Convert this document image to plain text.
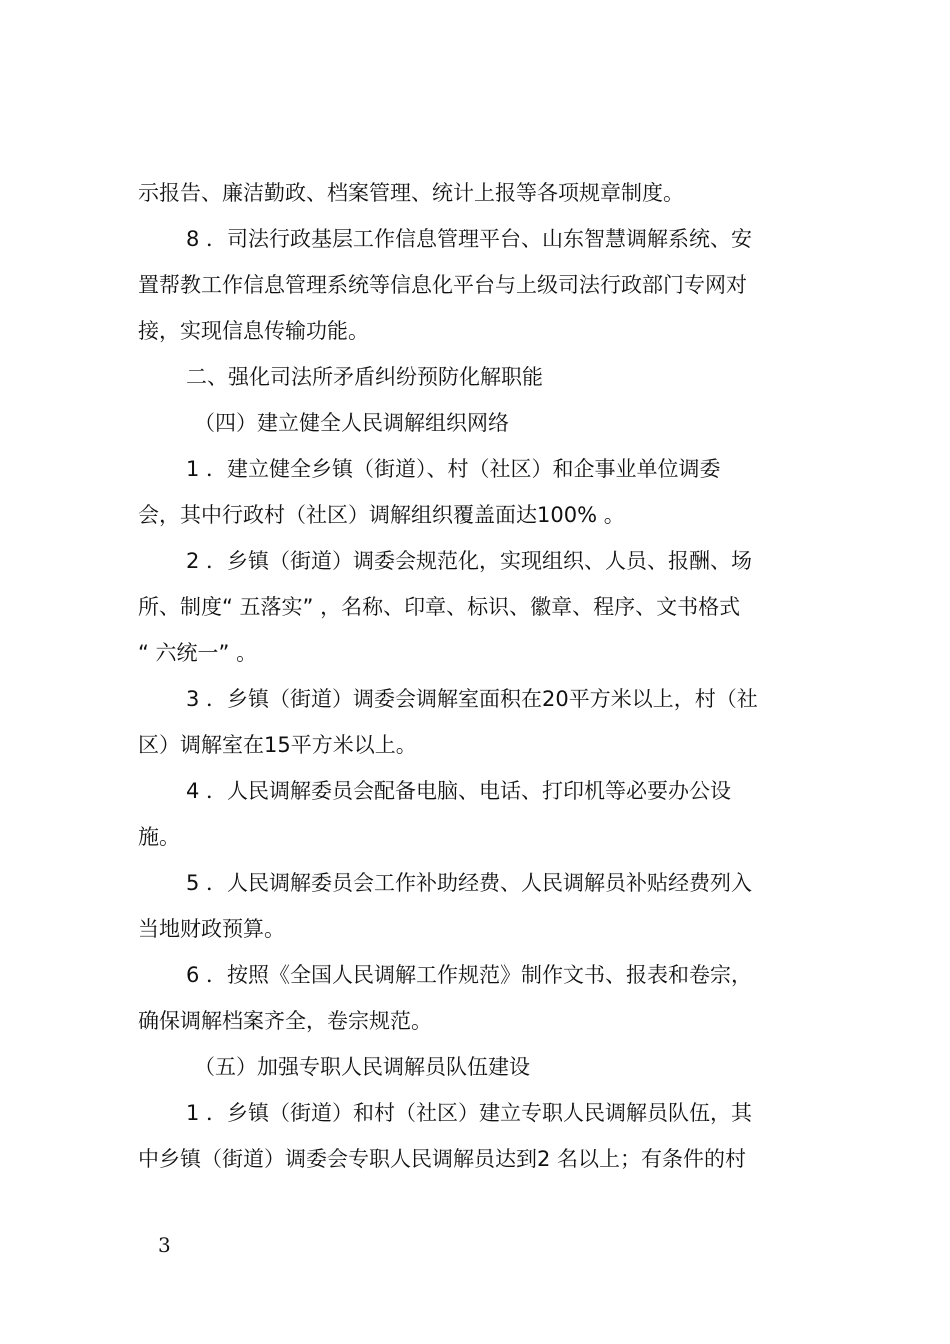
示报告、廉洁勤政、档案管理、统计上报等各项规章制度。
8 ．司法行政基层工作信息管理平台、山东智慧调解系统、安
置帮教工作信息管理系统等信息化平台与上级司法行政部门专网对
接，实现信息传输功能。
二、强化司法所矛盾纠纷预防化解职能
（四）建立健全人民调解组织网络
1 ．建立健全乡镇（街道）、村（社区）和企事业单位调委
会，其中行政村（社区）调解组织覆盖面达100% 。
2 ．乡镇（街道）调委会规范化，实现组织、人员、报酬、场
所、制度“ 五落实” ，名称、印章、标识、徽章、程序、文书格式
“ 六统一” 。
3 ．乡镇（街道）调委会调解室面积在20平方米以上，村（社
区）调解室在15平方米以上。
4 ．人民调解委员会配备电脑、电话、打印机等必要办公设
施。
5 ．人民调解委员会工作补助经费、人民调解员补贴经费列入
当地财政预算。
6 ．按照《全国人民调解工作规范》制作文书、报表和卷宗，
确保调解档案齐全，卷宗规范。
（五）加强专职人民调解员队伍建设
1 ．乡镇（街道）和村（社区）建立专职人民调解员队伍，其
中乡镇（街道）调委会专职人民调解员达到2 名以上；有条件的村
3
